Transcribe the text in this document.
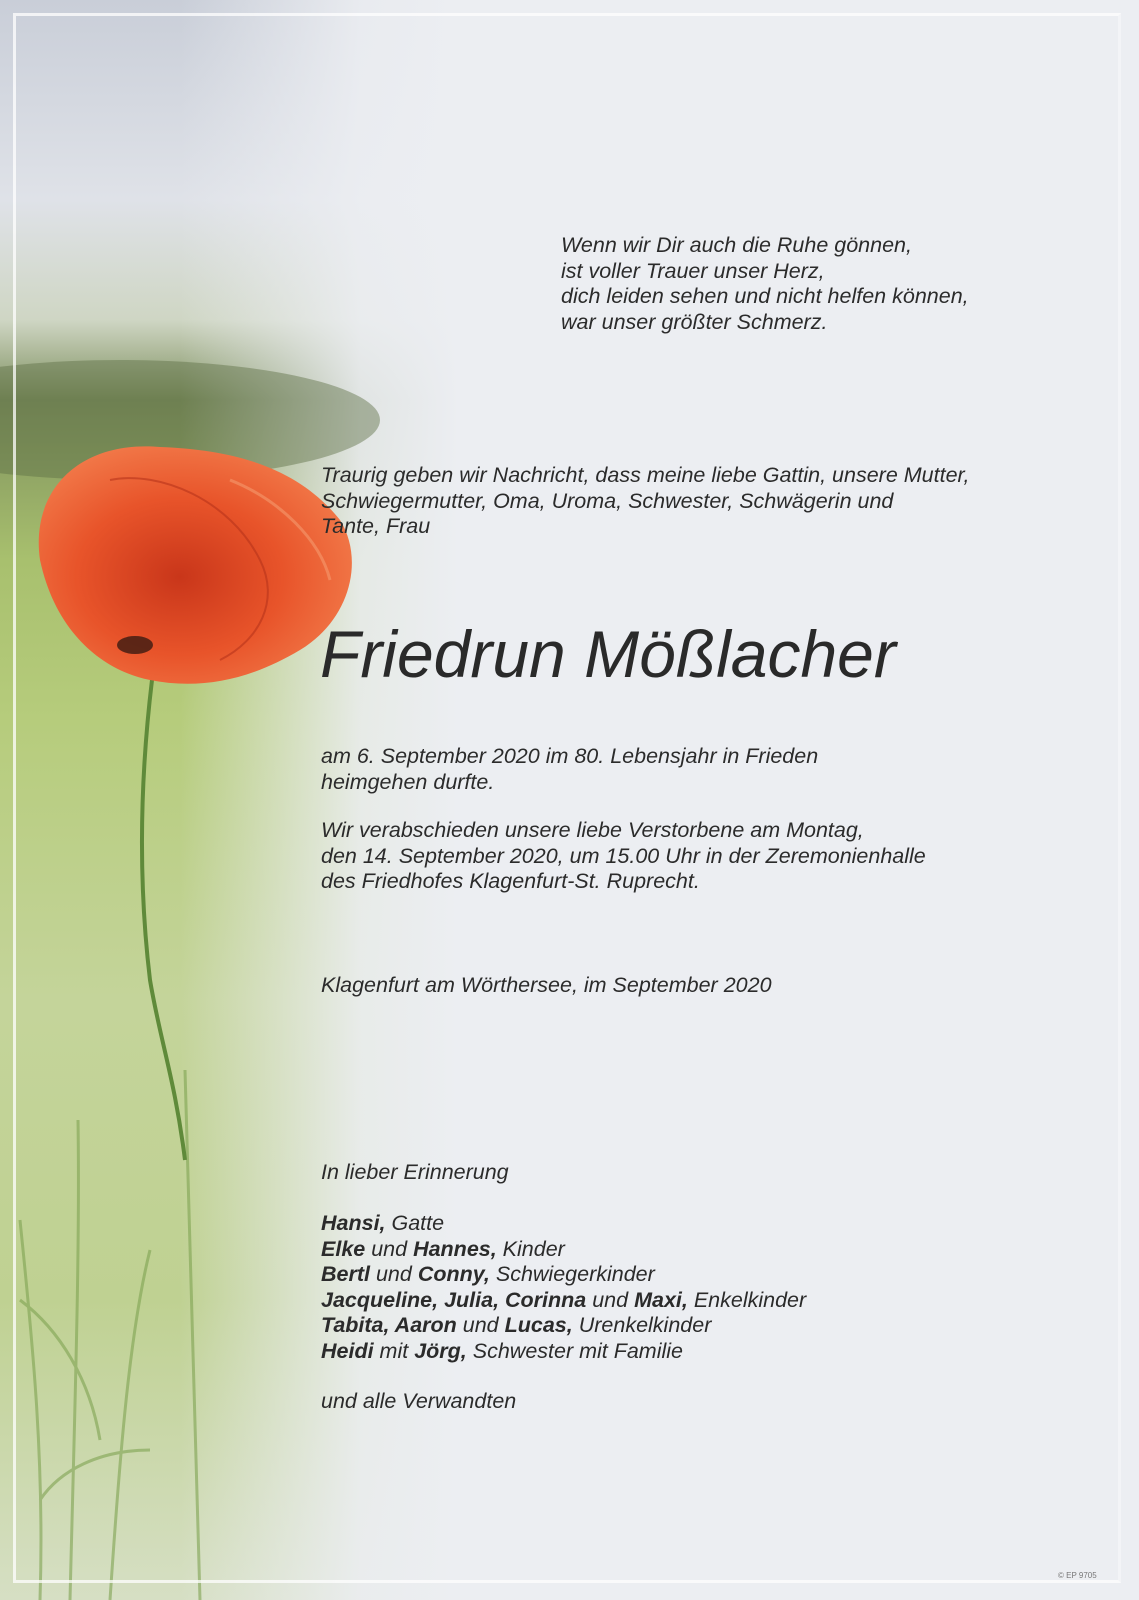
Wenn wir Dir auch die Ruhe gönnen,
ist voller Trauer unser Herz,
dich leiden sehen und nicht helfen können,
war unser größter Schmerz.
Traurig geben wir Nachricht, dass meine liebe Gattin, unsere Mutter,
Schwiegermutter, Oma, Uroma, Schwester, Schwägerin und
Tante, Frau
Friedrun Mößlacher
am 6. September 2020 im 80. Lebensjahr in Frieden
heimgehen durfte.
Wir verabschieden unsere liebe Verstorbene am Montag,
den 14. September 2020, um 15.00 Uhr in der Zeremonienhalle
des Friedhofes Klagenfurt-St. Ruprecht.
Klagenfurt am Wörthersee, im September 2020
In lieber Erinnerung
Hansi, Gatte
Elke und Hannes, Kinder
Bertl und Conny, Schwiegerkinder
Jacqueline, Julia, Corinna und Maxi, Enkelkinder
Tabita, Aaron und Lucas, Urenkelkinder
Heidi mit Jörg, Schwester mit Familie
und alle Verwandten
© EP 9705
